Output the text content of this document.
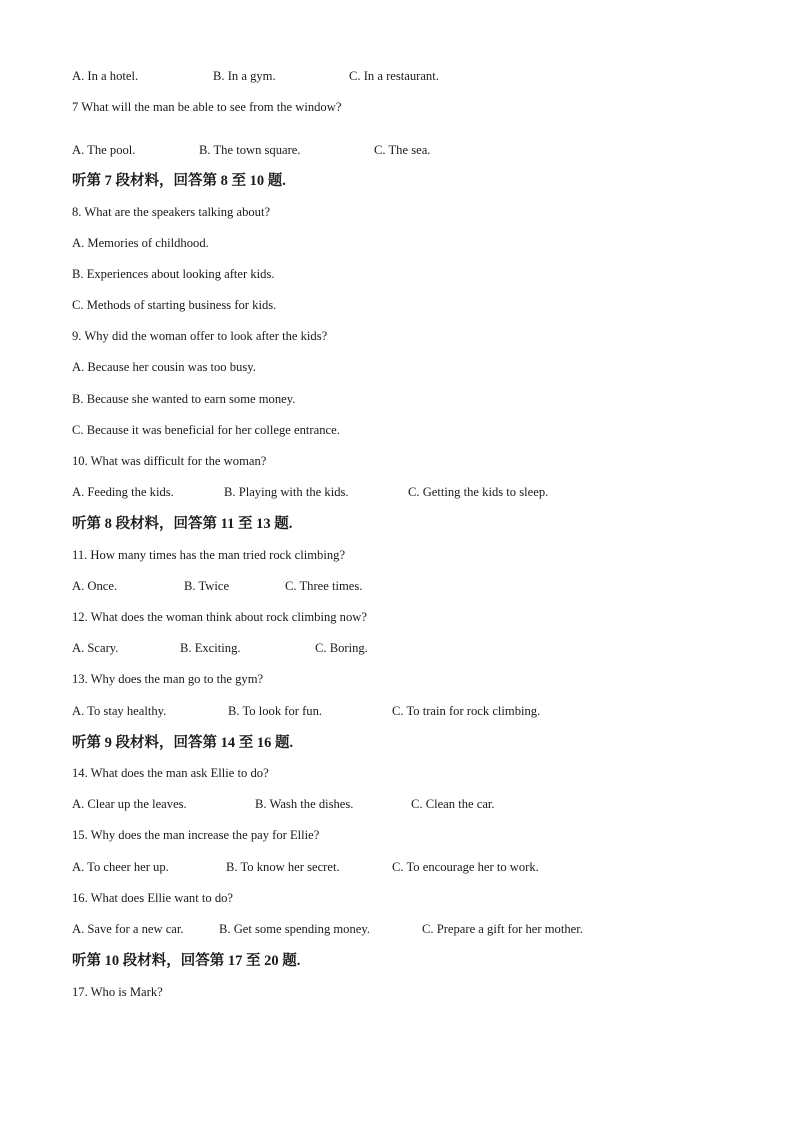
A. In a hotel.	B. In a gym.	C. In a restaurant.
7 What will the man be able to see from the window?
A. The pool.	B. The town square.	C. The sea.
听第 7 段材料，回答第 8 至 10 题.
8. What are the speakers talking about?
A. Memories of childhood.
B. Experiences about looking after kids.
C. Methods of starting business for kids.
9. Why did the woman offer to look after the kids?
A. Because her cousin was too busy.
B. Because she wanted to earn some money.
C. Because it was beneficial for her college entrance.
10. What was difficult for the woman?
A. Feeding the kids.	B. Playing with the kids.	C. Getting the kids to sleep.
听第 8 段材料，回答第 11 至 13 题.
11. How many times has the man tried rock climbing?
A. Once.	B. Twice	C. Three times.
12. What does the woman think about rock climbing now?
A. Scary.	B. Exciting.	C. Boring.
13. Why does the man go to the gym?
A. To stay healthy.	B. To look for fun.	C. To train for rock climbing.
听第 9 段材料，回答第 14 至 16 题.
14. What does the man ask Ellie to do?
A. Clear up the leaves.	B. Wash the dishes.	C. Clean the car.
15. Why does the man increase the pay for Ellie?
A. To cheer her up.	B. To know her secret.	C. To encourage her to work.
16. What does Ellie want to do?
A. Save for a new car.	B. Get some spending money.	C. Prepare a gift for her mother.
听第 10 段材料，回答第 17 至 20 题.
17. Who is Mark?
